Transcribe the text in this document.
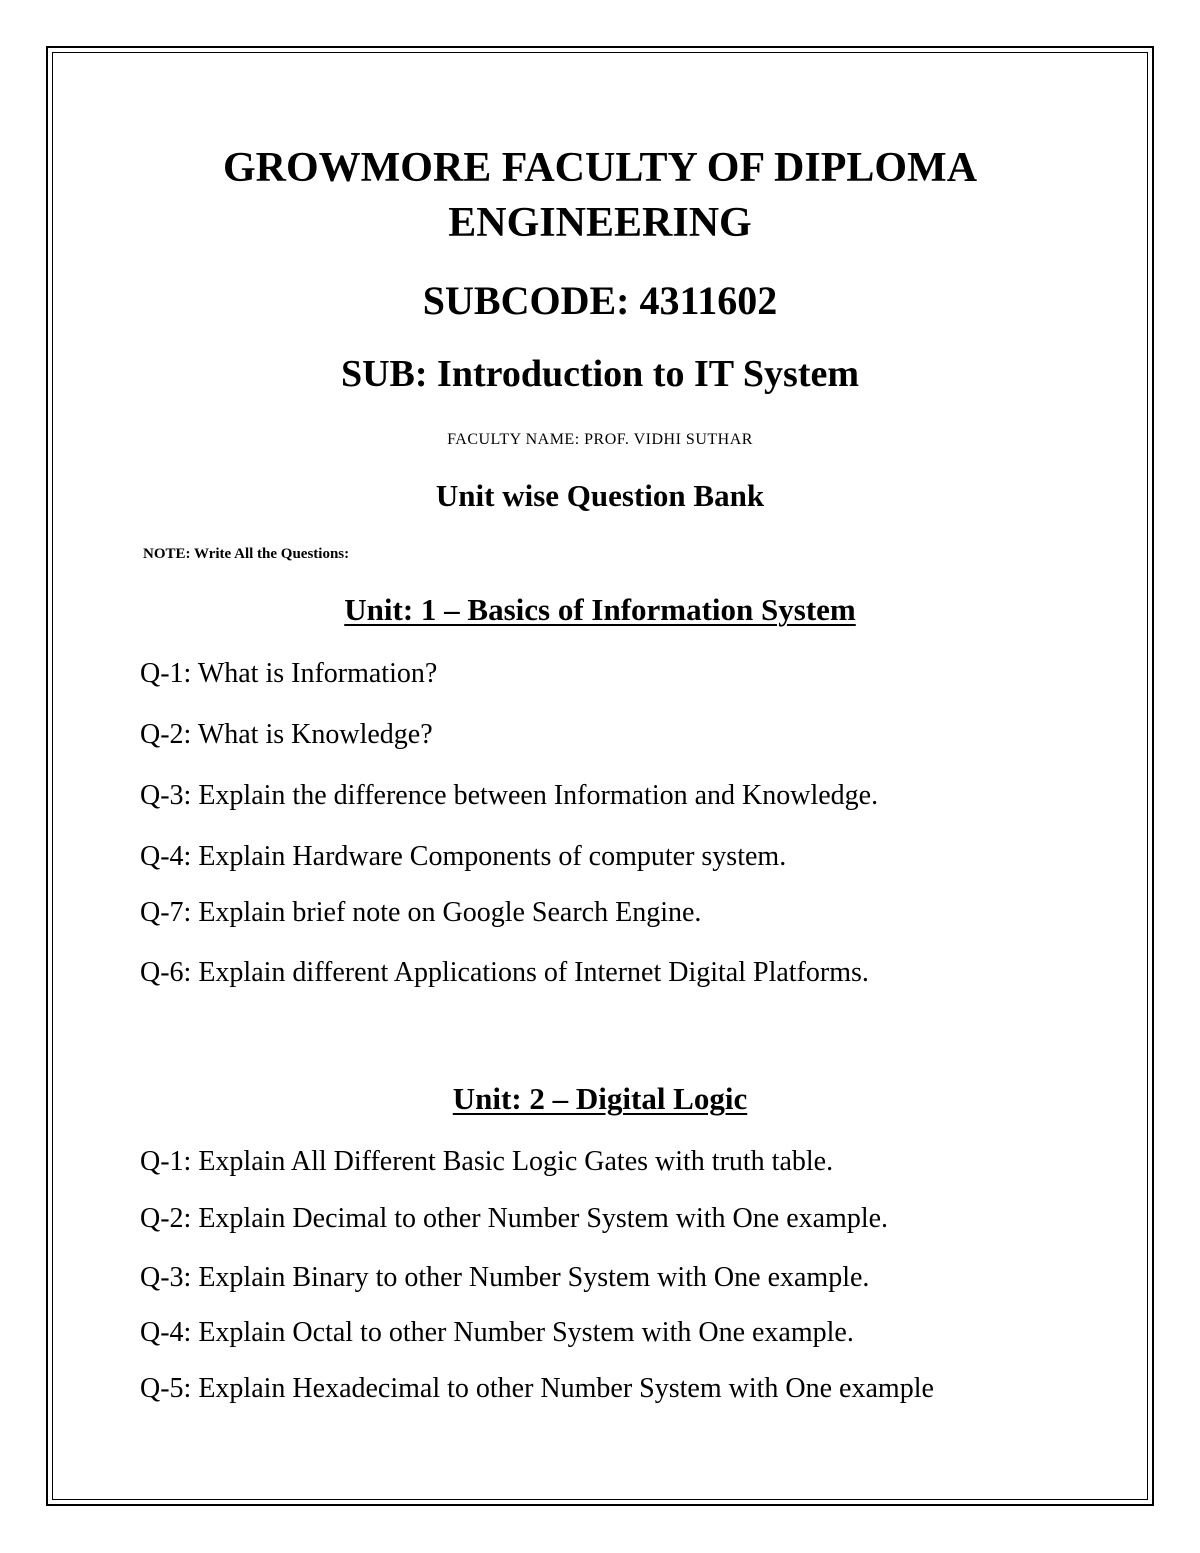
GROWMORE FACULTY OF DIPLOMA
ENGINEERING
SUBCODE: 4311602
SUB: Introduction to IT System
FACULTY NAME: PROF. VIDHI SUTHAR
Unit wise Question Bank
NOTE: Write All the Questions:
Unit: 1 – Basics of Information System
Q-1: What is Information?
Q-2: What is Knowledge?
Q-3: Explain the difference between Information and Knowledge.
Q-4: Explain Hardware Components of computer system.
Q-7: Explain brief note on Google Search Engine.
Q-6: Explain different Applications of Internet Digital Platforms.
Unit: 2 – Digital Logic
Q-1: Explain All Different Basic Logic Gates with truth table.
Q-2: Explain Decimal to other Number System with One example.
Q-3: Explain Binary to other Number System with One example.
Q-4: Explain Octal to other Number System with One example.
Q-5: Explain Hexadecimal to other Number System with One example
